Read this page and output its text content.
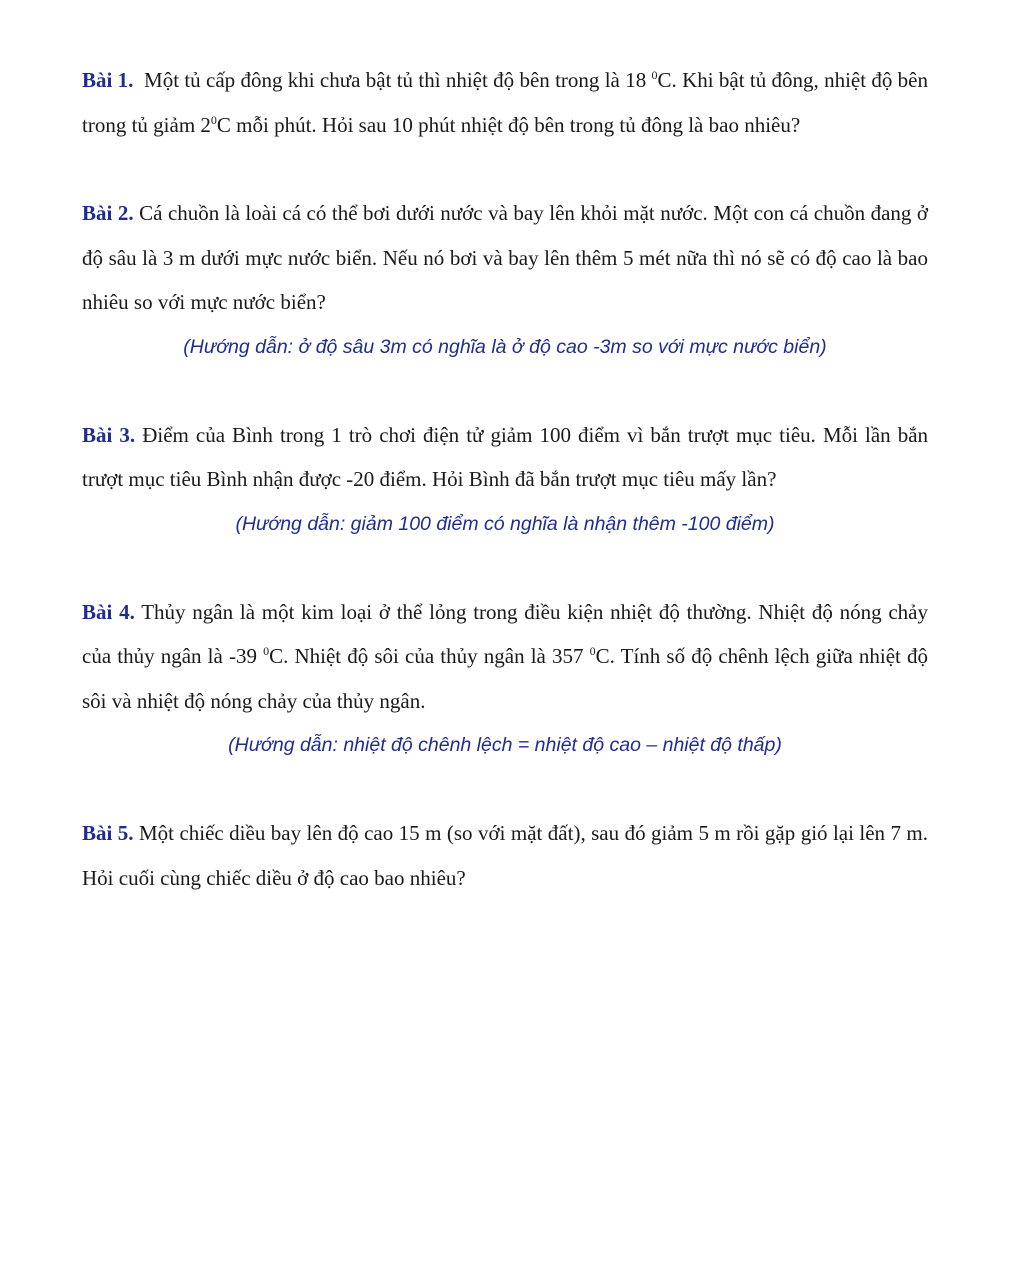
Bài 1. Một tủ cấp đông khi chưa bật tủ thì nhiệt độ bên trong là 18 $^0$C. Khi bật tủ đông, nhiệt độ bên trong tủ giảm $2^0C$ mỗi phút. Hỏi sau 10 phút nhiệt độ bên trong tủ đông là bao nhiêu?

Bài 2. Cá chuồn là loài cá có thể bơi dưới nước và bay lên khỏi mặt nước. Một con cá chuồn đang ở độ sâu là 3 m dưới mực nước biển. Nếu nó bơi và bay lên thêm 5 mét nữa thì nó sẽ có độ cao là bao nhiêu so với mực nước biển?

(Hướng dẫn: ở độ sâu 3m có nghĩa là ở độ cao -3m so với mực nước biển)

Bài 3. Điểm của Bình trong 1 trò chơi điện tử giảm 100 điểm vì bắn trượt mục tiêu. Mỗi lần bắn trượt mục tiêu Bình nhận được -20 điểm. Hỏi Bình đã bắn trượt mục tiêu mấy lần?

(Hướng dẫn: giảm 100 điểm có nghĩa là nhận thêm -100 điểm)

Bài 4. Thủy ngân là một kim loại ở thể lỏng trong điều kiện nhiệt độ thường. Nhiệt độ nóng chảy của thủy ngân là -39 $^0$C. Nhiệt độ sôi của thủy ngân là 357 $^0$C. Tính số độ chênh lệch giữa nhiệt độ sôi và nhiệt độ nóng chảy của thủy ngân.

(Hướng dẫn: nhiệt độ chênh lệch = nhiệt độ cao – nhiệt độ thấp)

Bài 5. Một chiếc diều bay lên độ cao 15 m (so với mặt đất), sau đó giảm 5 m rồi gặp gió lại lên 7 m. Hỏi cuối cùng chiếc diều ở độ cao bao nhiêu?
